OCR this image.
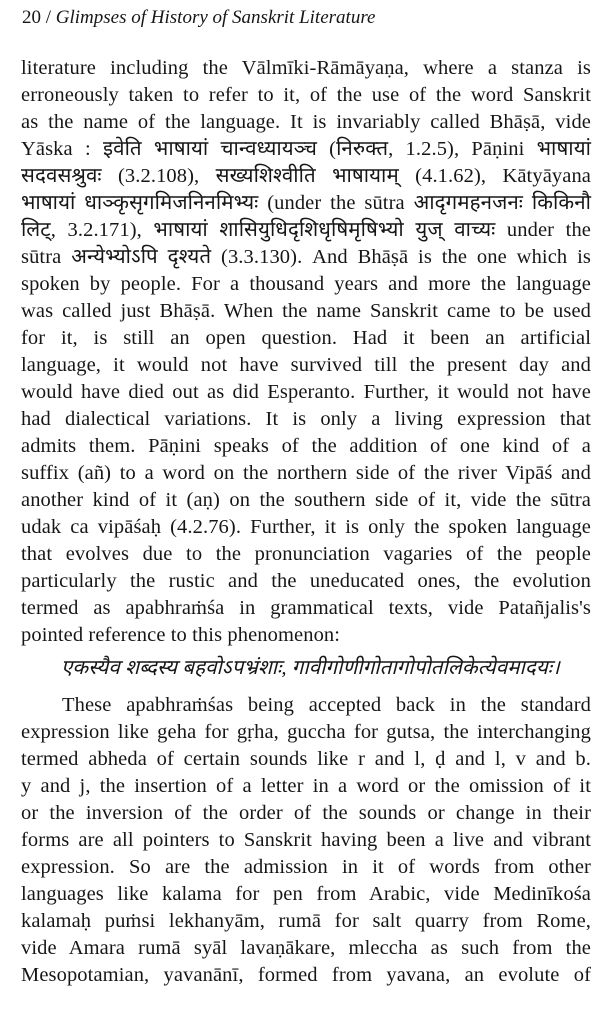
20 / Glimpses of History of Sanskrit Literature
literature including the Vālmīki-Rāmāyaṇa, where a stanza is
erroneously taken to refer to it, of the use of the word Sanskrit
as the name of the language. It is invariably called Bhāṣā, vide
Yāska : इवेति भाषायां चान्वध्यायञ्च (निरुक्त, 1.2.5), Pāṇini भाषायां
सदवसश्रुवः (3.2.108), सख्यशिश्वीति भाषायाम् (4.1.62), Kātyāyana
भाषायां धाञ्कृसृगमिजनिनमिभ्यः (under the sūtra आदृगमहनजनः किकिनौ
लिट्, 3.2.171), भाषायां शासियुधिदृशिधृषिमृषिभ्यो युज् वाच्यः under the
sūtra अन्येभ्योऽपि दृश्यते (3.3.130). And Bhāṣā is the one which is
spoken by people. For a thousand years and more the language
was called just Bhāṣā. When the name Sanskrit came to be used
for it, is still an open question. Had it been an artificial
language, it would not have survived till the present day and
would have died out as did Esperanto. Further, it would not have
had dialectical variations. It is only a living expression that
admits them. Pāṇini speaks of the addition of one kind of a
suffix (añ) to a word on the northern side of the river Vipāś and
another kind of it (aṇ) on the southern side of it, vide the sūtra
udak ca vipāśaḥ (4.2.76). Further, it is only the spoken language
that evolves due to the pronunciation vagaries of the people
particularly the rustic and the uneducated ones, the evolution
termed as apabhraṁśa in grammatical texts, vide Patañjalis's
pointed reference to this phenomenon:
एकस्यैव शब्दस्य बहवोऽपभ्रंशाः, गावीगोणीगोतागोपोतलिकेत्येवमादयः।
These apabhraṁśas being accepted back in the standard
expression like geha for gṛha, guccha for gutsa, the interchanging
termed abheda of certain sounds like r and l, ḍ and l, v and b.
y and j, the insertion of a letter in a word or the omission of it
or the inversion of the order of the sounds or change in their
forms are all pointers to Sanskrit having been a live and vibrant
expression. So are the admission in it of words from other
languages like kalama for pen from Arabic, vide Medinīkośa
kalamaḥ puṁsi lekhanyām, rumā for salt quarry from Rome,
vide Amara rumā syāl lavaṇākare, mleccha as such from the
Mesopotamian, yavanānī, formed from yavana, an evolute of
